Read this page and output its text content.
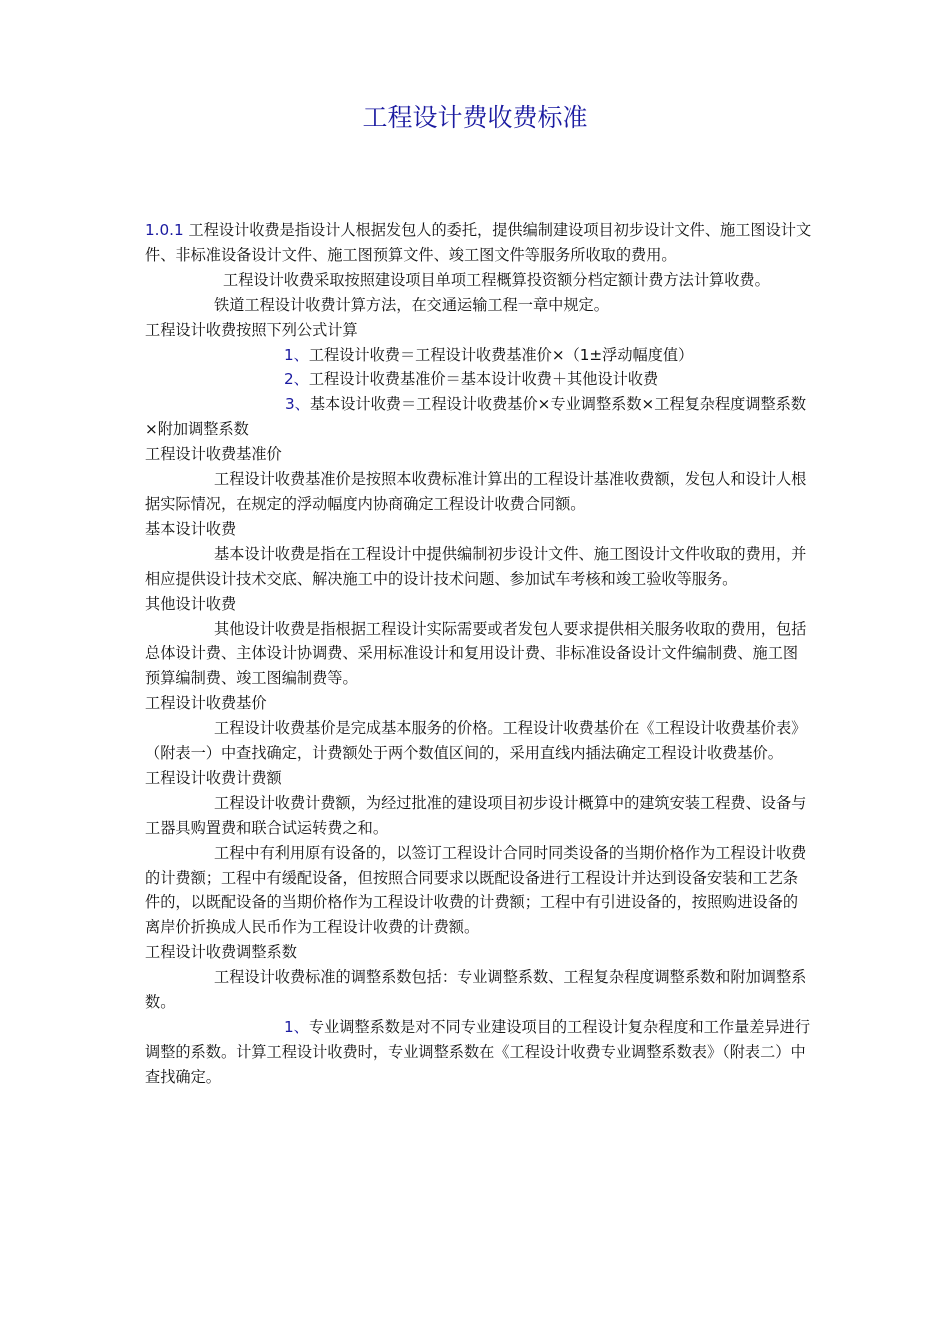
工程设计费收费标准

1.0.1 工程设计收费是指设计人根据发包人的委托，提供编制建设项目初步设计文件、施工图设计文件、非标准设备设计文件、施工图预算文件、竣工图文件等服务所收取的费用。

工程设计收费采取按照建设项目单项工程概算投资额分档定额计费方法计算收费。

铁道工程设计收费计算方法，在交通运输工程一章中规定。

工程设计收费按照下列公式计算

1、工程设计收费＝工程设计收费基准价×（1±浮动幅度值）

2、工程设计收费基准价＝基本设计收费＋其他设计收费

3、基本设计收费＝工程设计收费基价×专业调整系数×工程复杂程度调整系数×附加调整系数

工程设计收费基准价

工程设计收费基准价是按照本收费标准计算出的工程设计基准收费额，发包人和设计人根据实际情况，在规定的浮动幅度内协商确定工程设计收费合同额。

基本设计收费

基本设计收费是指在工程设计中提供编制初步设计文件、施工图设计文件收取的费用，并相应提供设计技术交底、解决施工中的设计技术问题、参加试车考核和竣工验收等服务。

其他设计收费

其他设计收费是指根据工程设计实际需要或者发包人要求提供相关服务收取的费用，包括总体设计费、主体设计协调费、采用标准设计和复用设计费、非标准设备设计文件编制费、施工图预算编制费、竣工图编制费等。

工程设计收费基价

工程设计收费基价是完成基本服务的价格。工程设计收费基价在《工程设计收费基价表》（附表一）中查找确定，计费额处于两个数值区间的，采用直线内插法确定工程设计收费基价。

工程设计收费计费额

工程设计收费计费额，为经过批准的建设项目初步设计概算中的建筑安装工程费、设备与工器具购置费和联合试运转费之和。

工程中有利用原有设备的，以签订工程设计合同时同类设备的当期价格作为工程设计收费的计费额；工程中有缓配设备，但按照合同要求以既配设备进行工程设计并达到设备安装和工艺条件的，以既配设备的当期价格作为工程设计收费的计费额；工程中有引进设备的，按照购进设备的离岸价折换成人民币作为工程设计收费的计费额。

工程设计收费调整系数

工程设计收费标准的调整系数包括：专业调整系数、工程复杂程度调整系数和附加调整系数。

1、专业调整系数是对不同专业建设项目的工程设计复杂程度和工作量差异进行调整的系数。计算工程设计收费时，专业调整系数在《工程设计收费专业调整系数表》（附表二）中查找确定。
